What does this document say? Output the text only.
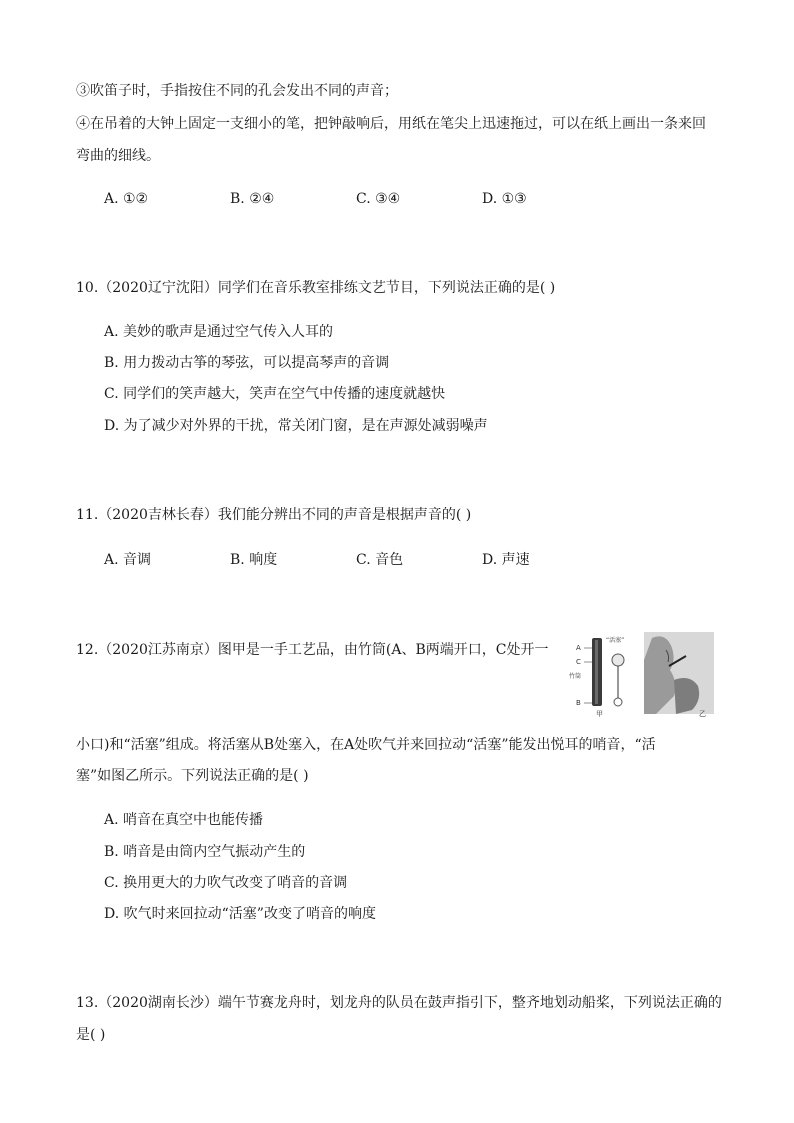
③吹笛子时，手指按住不同的孔会发出不同的声音；
④在吊着的大钟上固定一支细小的笔，把钟敲响后，用纸在笔尖上迅速拖过，可以在纸上画出一条来回
弯曲的细线。
A. ①②	B. ②④	C. ③④	D. ①③
10.（2020辽宁沈阳）同学们在音乐教室排练文艺节目，下列说法正确的是( )
A. 美妙的歌声是通过空气传入人耳的
B. 用力拨动古筝的琴弦，可以提高琴声的音调
C. 同学们的笑声越大，笑声在空气中传播的速度就越快
D. 为了减少对外界的干扰，常关闭门窗，是在声源处减弱噪声
11.（2020吉林长春）我们能分辨出不同的声音是根据声音的( )
A. 音调	B. 响度	C. 音色	D. 声速
12.（2020江苏南京）图甲是一手工艺品，由竹筒(A、B两端开口，C处开一	A
C
竹筒
B
“活塞”
甲	乙
小口)和“活塞”组成。将活塞从B处塞入，在A处吹气并来回拉动“活塞”能发出悦耳的哨音，“活
塞”如图乙所示。下列说法正确的是( )
A. 哨音在真空中也能传播
B. 哨音是由筒内空气振动产生的
C. 换用更大的力吹气改变了哨音的音调
D. 吹气时来回拉动“活塞”改变了哨音的响度
13.（2020湖南长沙）端午节赛龙舟时，划龙舟的队员在鼓声指引下，整齐地划动船桨，下列说法正确的
是( )
